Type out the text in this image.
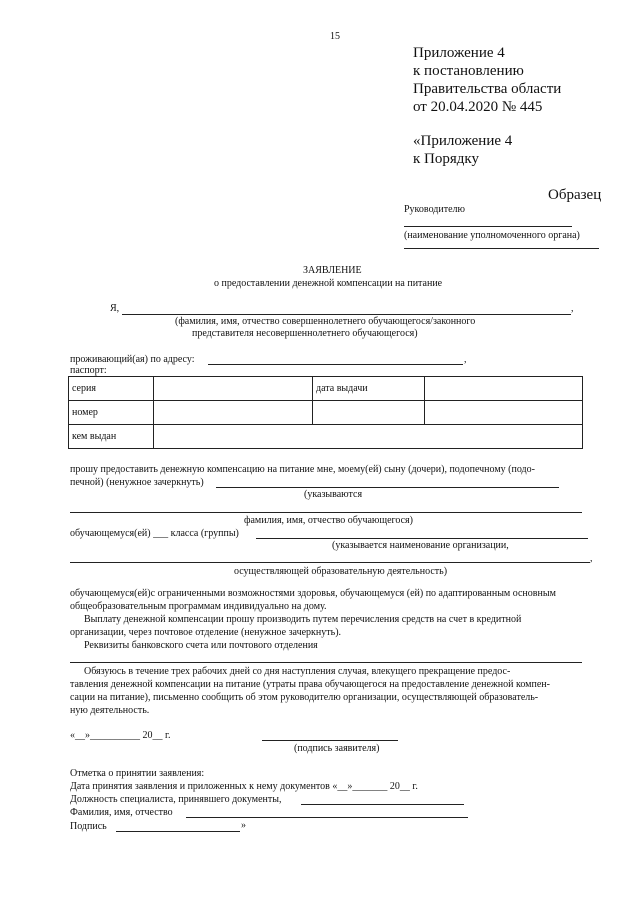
15
Приложение 4
к постановлению
Правительства области
от 20.04.2020 № 445
«Приложение 4
к Порядку
Образец
Руководителю
(наименование уполномоченного органа)
ЗАЯВЛЕНИЕ
о предоставлении денежной компенсации на питание
Я,	,
(фамилия, имя, отчество совершеннолетнего обучающегося/законного
представителя несовершеннолетнего обучающегося)
проживающий(ая) по адресу:	,
паспорт:
серия		дата выдачи	
номер			
кем выдан			
прошу предоставить денежную компенсацию на питание мне, моему(ей) сыну (дочери), подопечному (подо-
печной) (ненужное зачеркнуть)
(указываются
фамилия, имя, отчество обучающегося)
обучающемуся(ей) ___ класса (группы)
(указывается наименование организации,
,
осуществляющей образовательную деятельность)
обучающемуся(ей)с ограниченными возможностями здоровья, обучающемуся (ей) по адаптированным основным
общеобразовательным программам индивидуально на дому.
Выплату денежной компенсации прошу производить путем перечисления средств на счет в кредитной
организации, через почтовое отделение (ненужное зачеркнуть).
Реквизиты банковского счета или почтового отделения
Обязуюсь в течение трех рабочих дней со дня наступления случая, влекущего прекращение предос-
тавления денежной компенсации на питание (утраты права обучающегося на предоставление денежной компен-
сации на питание), письменно сообщить об этом руководителю организации, осуществляющей образователь-
ную деятельность.
«__»__________ 20__ г.
(подпись заявителя)
Отметка о принятии заявления:
Дата принятия заявления и приложенных к нему документов «__»_______ 20__ г.
Должность специалиста, принявшего документы,
Фамилия, имя, отчество
Подпись	»
